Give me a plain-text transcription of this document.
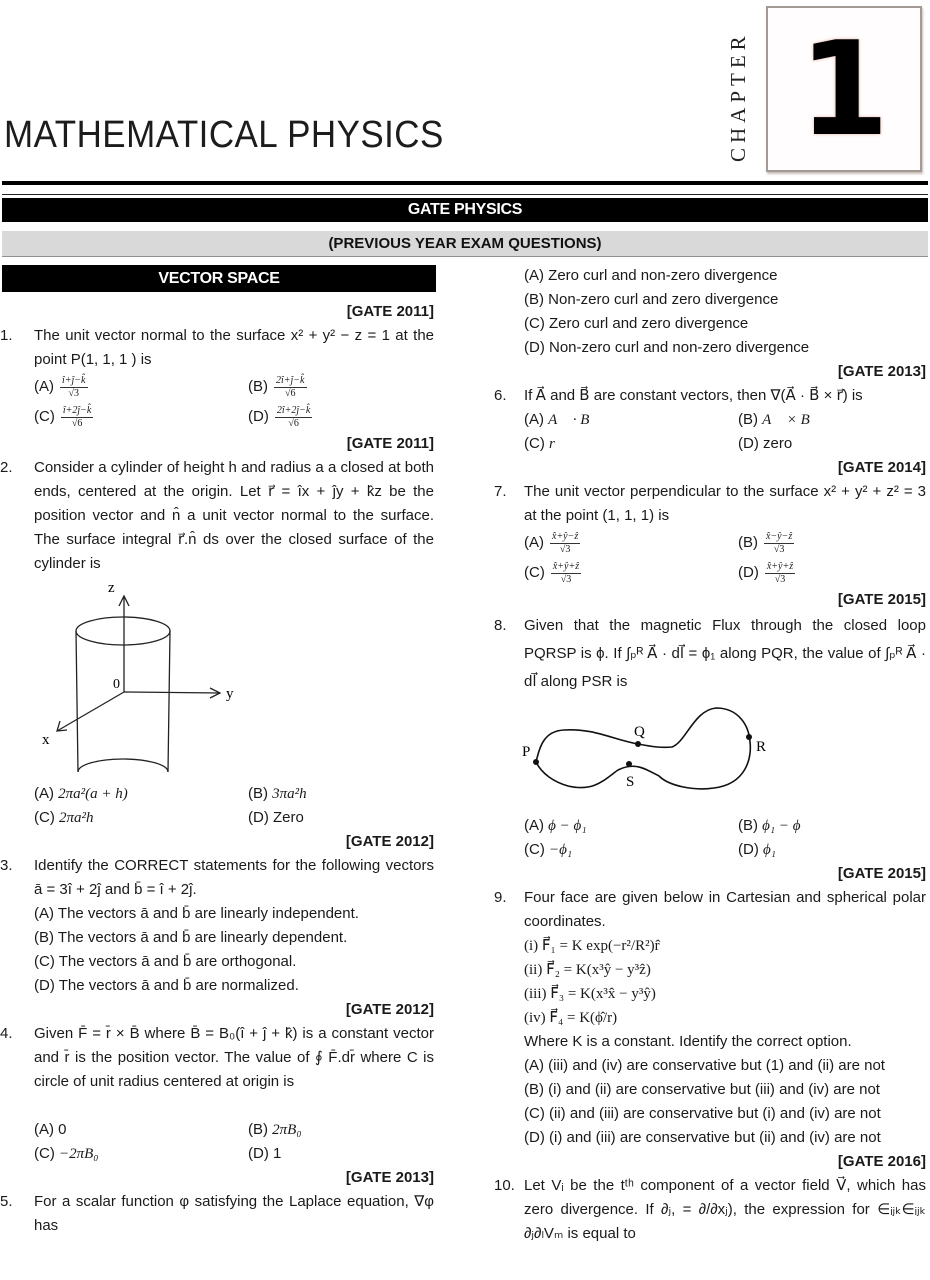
MATHEMATICAL PHYSICS	CHAPTER 1
GATE PHYSICS
(PREVIOUS YEAR EXAM QUESTIONS)
VECTOR SPACE
[GATE 2011]
1.	The unit vector normal to the surface x² + y² − z = 1 at the point P(1, 1, 1 ) is
$(A) \frac{î+ĵ-k̂}{√3}$	$(B) \frac{2î+ĵ-k̂}{√6}$
$(C) \frac{î+2ĵ-k̂}{√6}$	$(D) \frac{2î+2ĵ-k̂}{√6}$
[GATE 2011]
2.	Consider a cylinder of height h and radius a a closed at both ends, centered at the origin. Let r⃗ = îx + ĵy + k̂z be the position vector and n̂ a unit vector normal to the surface. The surface integral r⃗.n̂ ds over the closed surface of the cylinder is
z
y
x
0
(A) 2πa²(a + h)	(B) 3πa²h
(C) 2πa²h	(D) Zero
[GATE 2012]
3.	Identify the CORRECT statements for the following vectors ā = 3î + 2ĵ and b̄ = î + 2ĵ.
(A) The vectors ā and b̄ are linearly independent.
(B) The vectors ā and b̄ are linearly dependent.
(C) The vectors ā and b̄ are orthogonal.
(D) The vectors ā and b̄ are normalized.
[GATE 2012]
4.	Given F̄ = r̄ × B̄ where B̄ = B₀(î + ĵ + k̂) is a constant vector and r̄ is the position vector. The value of ∮ F̄.dr̄ where C is circle of unit radius centered at origin is
(A) 0	(B) 2πB₀
(C) −2πB₀	(D) 1
[GATE 2013]
5.	For a scalar function φ satisfying the Laplace equation, ∇φ has
(A) Zero curl and non-zero divergence
(B) Non-zero curl and zero divergence
(C) Zero curl and zero divergence
(D) Non-zero curl and non-zero divergence
[GATE 2013]
6.	If A⃗ and B⃗ are constant vectors, then ∇(A⃗ · B⃗ × r⃗) is
(A) A⃗ · B⃗	(B) A⃗ × B⃗
(C) r⃗	(D) zero
[GATE 2014]
7.	The unit vector perpendicular to the surface x² + y² + z² = 3 at the point (1, 1, 1) is
$(A) \frac{\text{x̂+ŷ−ẑ}}{√3}$	$(B) \frac{\text{x̂−ŷ−ẑ}}{√3}$
$(C) \frac{\text{x̂+ŷ+ẑ}}{√3}$	$(D) \frac{\text{x̂+ŷ+ẑ}}{√3}$
[GATE 2015]
8.	Given that the magnetic Flux through the closed loop PQRSP is ϕ. If ∫ₚᴿ A⃗ · dl⃗ = ϕ₁ along PQR, the value of ∫ₚᴿ A⃗ · dl⃗ along PSR is
P
Q
R
S
(A) ϕ − ϕ₁	(B) ϕ₁ − ϕ
(C) −ϕ₁	(D) ϕ₁
[GATE 2015]
9.	Four face are given below in Cartesian and spherical polar coordinates.
(i) F⃗₁ = K exp(−r²/R²)r̂
(ii) F⃗₂ = K(x³ŷ − y³ẑ)
(iii) F⃗₃ = K(x³x̂ − y³ŷ)
(iv) F⃗₄ = K(ϕ̂/r)
Where K is a constant. Identify the correct option.
(A) (iii) and (iv) are conservative but (1) and (ii) are not
(B) (i) and (ii) are conservative but (iii) and (iv) are not
(C) (ii) and (iii) are conservative but (i) and (iv) are not
(D) (i) and (iii) are conservative but (ii) and (iv) are not
[GATE 2016]
10. Let Vᵢ be the tᵗʰ component of a vector field V⃗, which has zero divergence. If ∂ⱼ, = ∂/∂xⱼ), the expression for ∈ᵢⱼₖ∈ᵢⱼₖ ∂ⱼ∂ₗVₘ is equal to
